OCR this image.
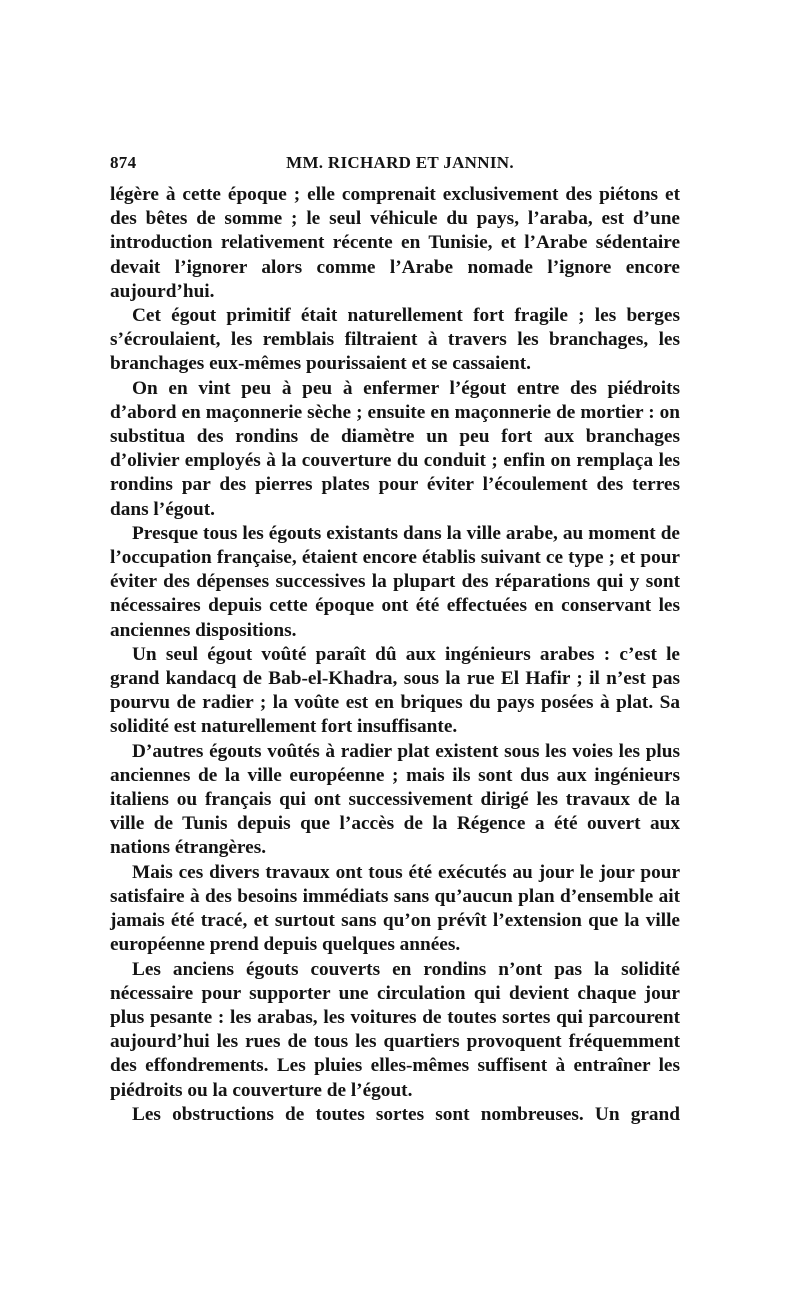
874	MM. RICHARD ET JANNIN.

légère à cette époque ; elle comprenait exclusivement des piétons et des bêtes de somme ; le seul véhicule du pays, l’araba, est d’une introduction relativement récente en Tunisie, et l’Arabe sédentaire devait l’ignorer alors comme l’Arabe nomade l’ignore encore aujourd’hui.

Cet égout primitif était naturellement fort fragile ; les berges s’écroulaient, les remblais filtraient à travers les branchages, les branchages eux-mêmes pourissaient et se cassaient.

On en vint peu à peu à enfermer l’égout entre des piédroits d’abord en maçonnerie sèche ; ensuite en maçonnerie de mortier : on substitua des rondins de diamètre un peu fort aux branchages d’olivier employés à la couverture du conduit ; enfin on remplaça les rondins par des pierres plates pour éviter l’écoulement des terres dans l’égout.

Presque tous les égouts existants dans la ville arabe, au moment de l’occupation française, étaient encore établis suivant ce type ; et pour éviter des dépenses successives la plupart des réparations qui y sont nécessaires depuis cette époque ont été effectuées en conservant les anciennes dispositions.

Un seul égout voûté paraît dû aux ingénieurs arabes : c’est le grand kandacq de Bab-el-Khadra, sous la rue El Hafir ; il n’est pas pourvu de radier ; la voûte est en briques du pays posées à plat. Sa solidité est naturellement fort insuffisante.

D’autres égouts voûtés à radier plat existent sous les voies les plus anciennes de la ville européenne ; mais ils sont dus aux ingénieurs italiens ou français qui ont successivement dirigé les travaux de la ville de Tunis depuis que l’accès de la Régence a été ouvert aux nations étrangères.

Mais ces divers travaux ont tous été exécutés au jour le jour pour satisfaire à des besoins immédiats sans qu’aucun plan d’ensemble ait jamais été tracé, et surtout sans qu’on prévît l’extension que la ville européenne prend depuis quelques années.

Les anciens égouts couverts en rondins n’ont pas la solidité nécessaire pour supporter une circulation qui devient chaque jour plus pesante : les arabas, les voitures de toutes sortes qui parcourent aujourd’hui les rues de tous les quartiers provoquent fréquemment des effondrements. Les pluies elles-mêmes suffisent à entraîner les piédroits ou la couverture de l’égout.

Les obstructions de toutes sortes sont nombreuses. Un grand
